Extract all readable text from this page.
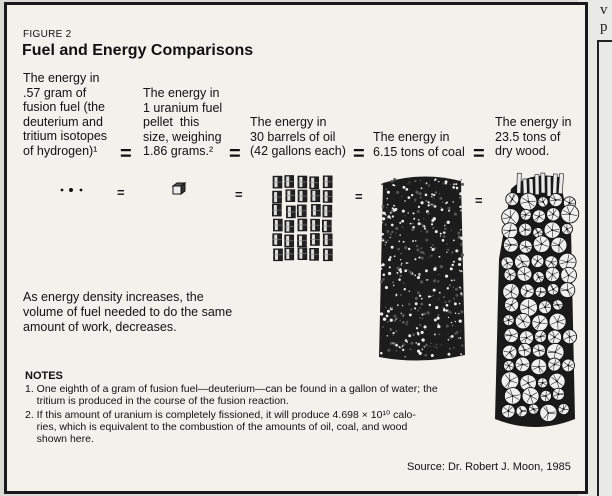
v
p
FIGURE 2
Fuel and Energy Comparisons
The energy in
.57 gram of
fusion fuel (the
deuterium and
tritium isotopes
of hydrogen)¹
The energy in
1 uranium fuel
pellet  this
size, weighing
1.86 grams.²
The energy in
30 barrels of oil
(42 gallons each)
The energy in
6.15 tons of coal
The energy in
23.5 tons of
dry wood.
=	=	=	=
=	=	=	=
As energy density increases, the
volume of fuel needed to do the same
amount of work, decreases.
NOTES
1. One eighth of a gram of fusion fuel—deuterium—can be found in a gallon of water; the
tritium is produced in the course of the fusion reaction.
2. If this amount of uranium is completely fissioned, it will produce 4.698 × 10¹⁰ calo-
ries, which is equivalent to the combustion of the amounts of oil, coal, and wood
shown here.
Source: Dr. Robert J. Moon, 1985
